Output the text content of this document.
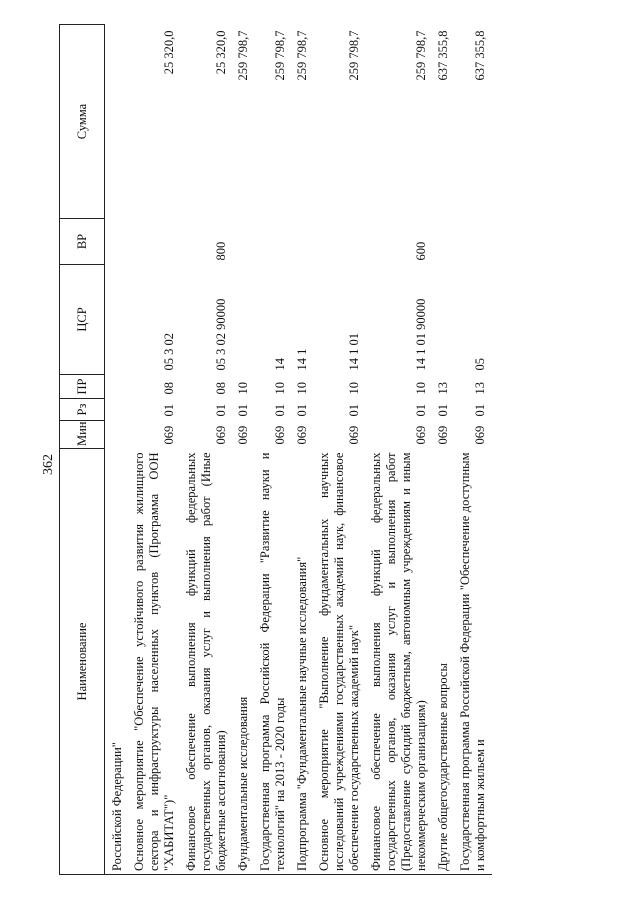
362
Наименование	Мин	Рз	ПР	ЦСР	ВР	Сумма
Российской Федерации"						
Основное мероприятие "Обеспечение устойчивого развития жилищного сектора и инфраструктуры населенных пунктов (Программа ООН "ХАБИТАТ")"	069	01	08	05 3 02		25 320,0
Финансовое обеспечение выполнения функций федеральных государственных органов, оказания услуг и выполнения работ (Иные бюджетные ассигнования)	069	01	08	05 3 02 90000	800	25 320,0
Фундаментальные исследования	069	01	10			259 798,7
Государственная программа Российской Федерации "Развитие науки и технологий" на 2013 - 2020 годы	069	01	10	14		259 798,7
Подпрограмма "Фундаментальные научные исследования"	069	01	10	14 1		259 798,7
Основное мероприятие "Выполнение фундаментальных научных исследований учреждениями государственных академий наук, финансовое обеспечение государственных академий наук"	069	01	10	14 1 01		259 798,7
Финансовое обеспечение выполнения функций федеральных государственных органов, оказания услуг и выполнения работ (Предоставление субсидий бюджетным, автономным учреждениям и иным некоммерческим организациям)	069	01	10	14 1 01 90000	600	259 798,7
Другие общегосударственные вопросы	069	01	13			637 355,8
Государственная программа Российской Федерации "Обеспечение доступным и комфортным жильем и	069	01	13	05		637 355,8
